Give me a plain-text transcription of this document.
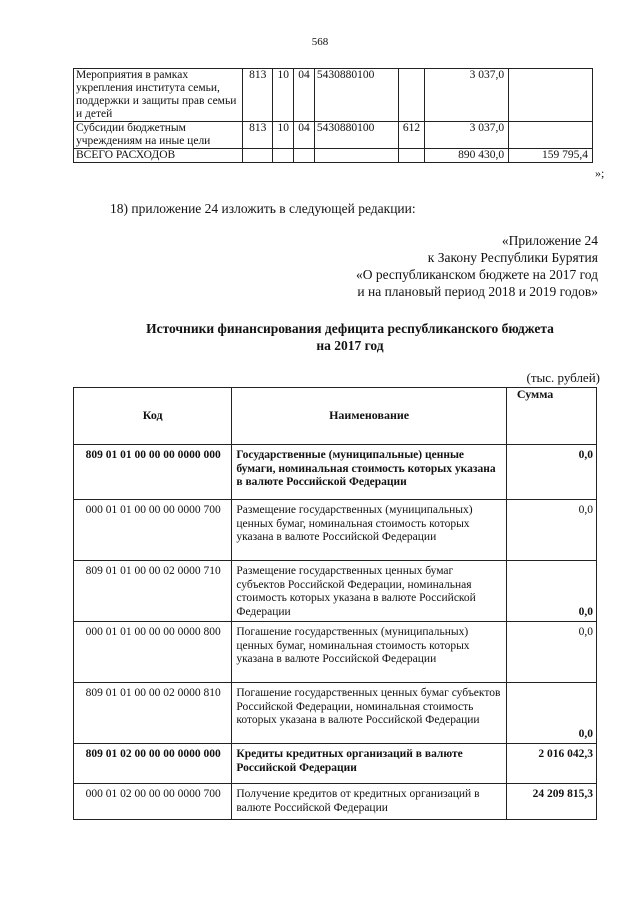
568
Мероприятия в рамках укрепления института семьи, поддержки и защиты прав семьи и детей	813	10	04	5430880100		3 037,0	
Субсидии бюджетным учреждениям на иные цели	813	10	04	5430880100	612	3 037,0	
ВСЕГО РАСХОДОВ						890 430,0	159 795,4
»;
18) приложение 24 изложить в следующей редакции:
«Приложение 24
к Закону Республики Бурятия
«О республиканском бюджете на 2017 год
и на плановый период 2018 и 2019 годов»
Источники финансирования дефицита республиканского бюджета
на 2017 год
(тыс. рублей)
Код	Наименование	Сумма
809 01 01 00 00 00 0000 000	Государственные (муниципальные) ценные бумаги, номинальная стоимость которых указана в валюте Российской Федерации	0,0
000 01 01 00 00 00 0000 700	Размещение государственных (муниципальных) ценных бумаг, номинальная стоимость которых указана в валюте Российской Федерации	0,0
809 01 01 00 00 02 0000 710	Размещение государственных ценных бумаг субъектов Российской Федерации, номинальная стоимость которых указана в валюте Российской Федерации	0,0
000 01 01 00 00 00 0000 800	Погашение государственных (муниципальных) ценных бумаг, номинальная стоимость которых указана в валюте Российской Федерации	0,0
809 01 01 00 00 02 0000 810	Погашение государственных ценных бумаг субъектов Российской Федерации, номинальная стоимость которых указана в валюте Российской Федерации	0,0
809 01 02 00 00 00 0000 000	Кредиты кредитных организаций в валюте Российской Федерации	2 016 042,3
000 01 02 00 00 00 0000 700	Получение кредитов от кредитных организаций в валюте Российской Федерации	24 209 815,3
